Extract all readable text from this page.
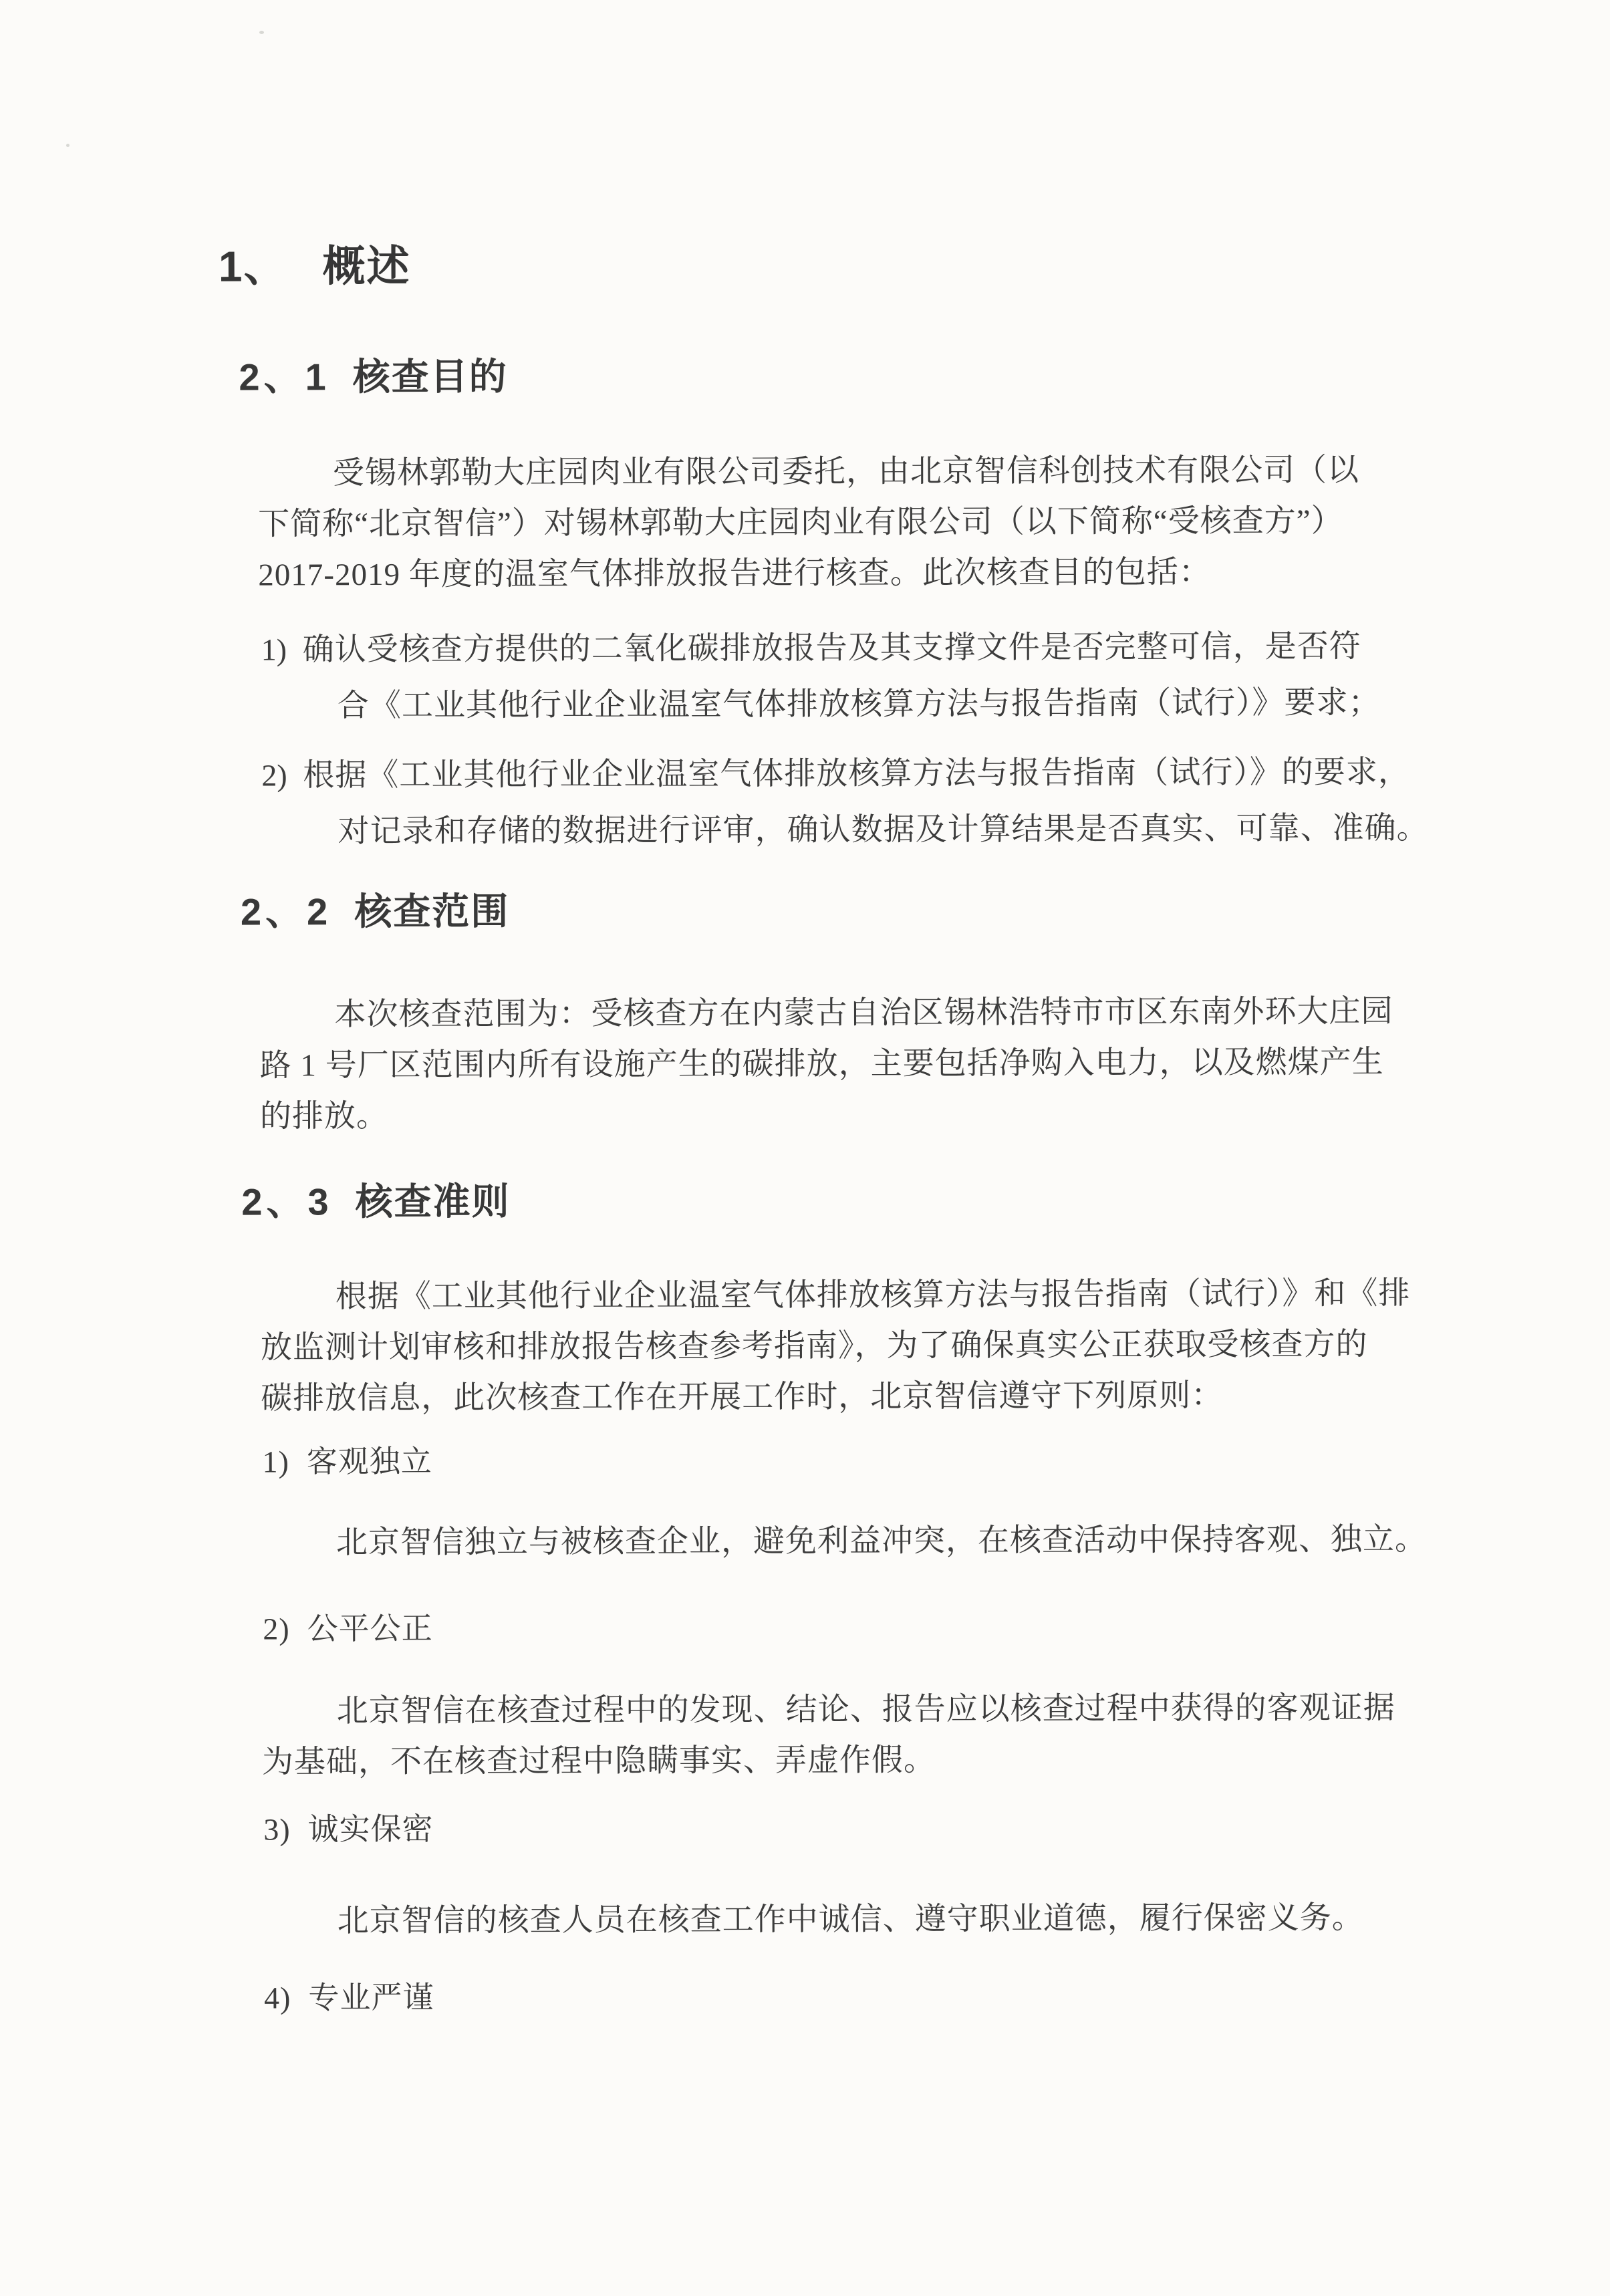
1、 概述
2、1 核查目的
受锡林郭勒大庄园肉业有限公司委托，由北京智信科创技术有限公司（以
下简称“北京智信”）对锡林郭勒大庄园肉业有限公司（以下简称“受核查方”）
2017-2019 年度的温室气体排放报告进行核查。此次核查目的包括：
1) 确认受核查方提供的二氧化碳排放报告及其支撑文件是否完整可信，是否符
合《工业其他行业企业温室气体排放核算方法与报告指南（试行）》要求；
2) 根据《工业其他行业企业温室气体排放核算方法与报告指南（试行）》的要求，
对记录和存储的数据进行评审，确认数据及计算结果是否真实、可靠、准确。
2、2 核查范围
本次核查范围为：受核查方在内蒙古自治区锡林浩特市市区东南外环大庄园
路 1 号厂区范围内所有设施产生的碳排放，主要包括净购入电力，以及燃煤产生
的排放。
2、3 核查准则
根据《工业其他行业企业温室气体排放核算方法与报告指南（试行）》和《排
放监测计划审核和排放报告核查参考指南》，为了确保真实公正获取受核查方的
碳排放信息，此次核查工作在开展工作时，北京智信遵守下列原则：
1) 客观独立
北京智信独立与被核查企业，避免利益冲突，在核查活动中保持客观、独立。
2) 公平公正
北京智信在核查过程中的发现、结论、报告应以核查过程中获得的客观证据
为基础，不在核查过程中隐瞒事实、弄虚作假。
3) 诚实保密
北京智信的核查人员在核查工作中诚信、遵守职业道德，履行保密义务。
4) 专业严谨
